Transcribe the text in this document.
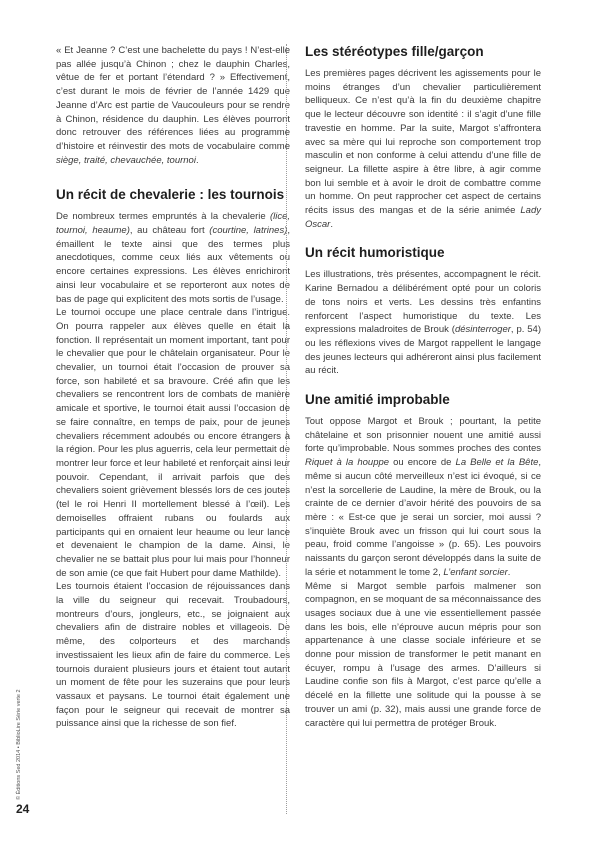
« Et Jeanne ? C’est une bachelette du pays ! N’est-elle pas allée jusqu’à Chinon ; chez le dauphin Charles, vêtue de fer et portant l’étendard ? » Effectivement, c’est durant le mois de février de l’année 1429 que Jeanne d’Arc est partie de Vaucouleurs pour se rendre à Chinon, résidence du dauphin. Les élèves pourront donc retrouver des références liées au programme d’histoire et réinvestir des mots de vocabulaire comme siège, traité, chevauchée, tournoi.

Un récit de chevalerie : les tournois

De nombreux termes empruntés à la chevalerie (lice, tournoi, heaume), au château fort (courtine, latrines), émaillent le texte ainsi que des termes plus anecdotiques, comme ceux liés aux vêtements ou encore certaines expressions. Les élèves enrichiront ainsi leur vocabulaire et se reporteront aux notes de bas de page qui explicitent des mots sortis de l’usage.

Le tournoi occupe une place centrale dans l’intrigue. On pourra rappeler aux élèves quelle en était la fonction. Il représentait un moment important, tant pour le chevalier que pour le châtelain organisateur. Pour le chevalier, un tournoi était l’occasion de prouver sa force, son habileté et sa bravoure. Créé afin que les chevaliers se rencontrent lors de combats de manière amicale et sportive, le tournoi était aussi l’occasion de se faire connaître, en temps de paix, pour de jeunes chevaliers récemment adoubés ou encore étrangers à la région. Pour les plus aguerris, cela leur permettait de montrer leur force et leur habileté et renforçait ainsi leur pouvoir. Cependant, il arrivait parfois que des chevaliers soient grièvement blessés lors de ces joutes (tel le roi Henri II mortellement blessé à l’œil). Les demoiselles offraient rubans ou foulards aux participants qui en ornaient leur heaume ou leur lance et devenaient le champion de la dame. Ainsi, le chevalier ne se battait plus pour lui mais pour l’honneur de son amie (ce que fait Hubert pour dame Mathilde).

Les tournois étaient l’occasion de réjouissances dans la ville du seigneur qui recevait. Troubadours, montreurs d’ours, jongleurs, etc., se joignaient aux chevaliers afin de distraire nobles et villageois. De même, des colporteurs et des marchands investissaient les lieux afin de faire du commerce. Les tournois duraient plusieurs jours et étaient tout autant un moment de fête pour les suzerains que pour leurs vassaux et paysans. Le tournoi était également une façon pour le seigneur qui recevait de montrer sa puissance ainsi que la richesse de son fief.

Les stéréotypes fille/garçon

Les premières pages décrivent les agissements pour le moins étranges d’un chevalier particulièrement belliqueux. Ce n’est qu’à la fin du deuxième chapitre que le lecteur découvre son identité : il s’agit d’une fille travestie en homme. Par la suite, Margot s’affrontera avec sa mère qui lui reproche son comportement trop masculin et non conforme à celui attendu d’une fille de seigneur. La fillette aspire à être libre, à agir comme bon lui semble et à avoir le droit de combattre comme un homme. On peut rapprocher cet aspect de certains récits issus des mangas et de la série animée Lady Oscar.

Un récit humoristique

Les illustrations, très présentes, accompagnent le récit. Karine Bernadou a délibérément opté pour un coloris de tons noirs et verts. Les dessins très enfantins renforcent l’aspect humoristique du texte. Les expressions maladroites de Brouk (désinterroger, p. 54) ou les réflexions vives de Margot rappellent le langage des jeunes lecteurs qui adhéreront ainsi plus facilement au récit.

Une amitié improbable

Tout oppose Margot et Brouk ; pourtant, la petite châtelaine et son prisonnier nouent une amitié aussi forte qu’improbable. Nous sommes proches des contes Riquet à la houppe ou encore de La Belle et la Bête, même si aucun côté merveilleux n’est ici évoqué, si ce n’est la sorcellerie de Laudine, la mère de Brouk, ou la crainte de ce dernier d’avoir hérité des pouvoirs de sa mère : « Est-ce que je serai un sorcier, moi aussi ? s’inquiète Brouk avec un frisson qui lui court sous la peau, froid comme l’angoisse » (p. 65). Les pouvoirs naissants du garçon seront développés dans la suite de la série et notamment le tome 2, L’enfant sorcier.

Même si Margot semble parfois malmener son compagnon, en se moquant de sa méconnaissance des usages sociaux due à une vie essentiellement passée dans les bois, elle n’éprouve aucun mépris pour son appartenance à une classe sociale inférieure et se donne pour mission de transformer le petit manant en écuyer, rompu à l’usage des armes. D’ailleurs si Laudine confie son fils à Margot, c’est parce qu’elle a décelé en la fillette une solitude qui la pousse à se trouver un ami (p. 32), mais aussi une grande force de caractère qui lui permettra de protéger Brouk.

© Éditions Sed 2014 • BiblioLire Série verte 2
24
